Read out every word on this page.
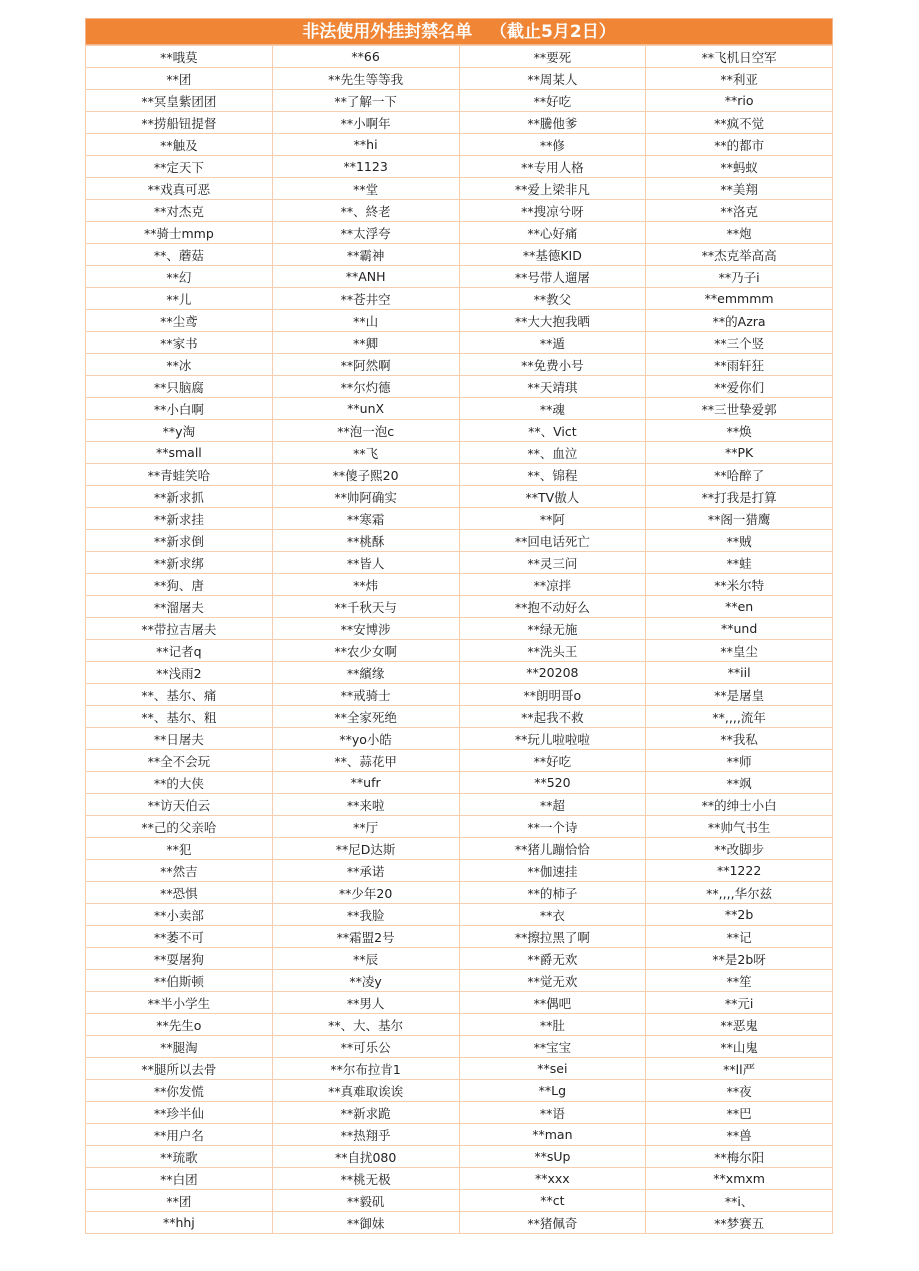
非法使用外挂封禁名单   （截止5月2日）
**哦莫	**66	**要死	**飞机日空军
**团	**先生等等我	**周某人	**利亚
**冥皇紫团团	**了解一下	**好吃	**rio
**捞船钮提督	**小啊年	**騰他爹	**疯不觉
**触及	**hi	**修	**的都市
**定天下	**1123	**专用人格	**蚂蚁
**戏真可恶	**堂	**爱上梁非凡	**美翔
**对杰克	**、終老	**搜凉兮呀	**洛克
**骑士mmp	**太浮夸	**心好痛	**炮
**、蘑菇	**霸神	**基德KID	**杰克举高高
**幻	**ANH	**号带人遛屠	**乃子i
**儿	**苍井空	**教父	**emmmm
**尘鸢	**山	**大大抱我晒	**的Azra
**家书	**卿	**遁	**三个竖
**冰	**阿然啊	**免费小号	**雨轩狂
**只脑腐	**尔灼德	**天靖琪	**爱你们
**小白啊	**unX	**魂	**三世挚爱郭
**y淘	**泡一泡c	**、Vict	**焕
**small	**飞	**、血泣	**PK
**青蛙笑哈	**傻子熙20	**、锦程	**哈醉了
**新求抓	**帅阿确实	**TV傲人	**打我是打算
**新求挂	**寒霜	**阿	**阁一猎鹰
**新求倒	**桃酥	**回电话死亡	**贼
**新求绑	**皆人	**灵三问	**蛙
**狗、唐	**炜	**凉拌	**米尔特
**溜屠夫	**千秋天与	**抱不动好么	**en
**带拉吉屠夫	**安博涉	**绿无施	**und
**记者q	**农少女啊	**洗头王	**皇尘
**浅雨2	**繽缘	**20208	**iil
**、基尔、痛	**戒骑士	**朗明哥o	**是屠皇
**、基尔、粗	**全家死绝	**起我不救	**,,,,流年
**日屠夫	**yo小皓	**玩儿啦啦啦	**我私
**全不会玩	**、蒜花甲	**好吃	**师
**的大侠	**ufr	**520	**飒
**访天伯云	**来啦	**超	**的绅士小白
**己的父亲哈	**厅	**一个诗	**帅气书生
**犯	**尼D达斯	**猪儿蹦恰恰	**改脚步
**然吉	**承诺	**伽速挂	**1222
**恐惧	**少年20	**的柿子	**,,,,华尔兹
**小卖部	**我脸	**衣	**2b
**萎不可	**霜盟2号	**擦拉黑了啊	**记
**耍屠狗	**辰	**爵无欢	**是2b呀
**伯斯顿	**凌y	**觉无欢	**笙
**半小学生	**男人	**偶吧	**元i
**先生o	**、大、基尔	**肚	**恶鬼
**腿淘	**可乐公	**宝宝	**山鬼
**腿所以去骨	**尔布拉肯1	**sei	**ll严
**你发慌	**真难取诶诶	**Lg	**夜
**珍半仙	**新求跪	**语	**巴
**用户名	**热翔乎	**man	**兽
**琉歌	**自扰080	**sUp	**梅尔阳
**白团	**桃无极	**xxx	**xmxm
**团	**毅矶	**ct	**i、
**hhj	**御妹	**猪佩奇	**梦赛五
